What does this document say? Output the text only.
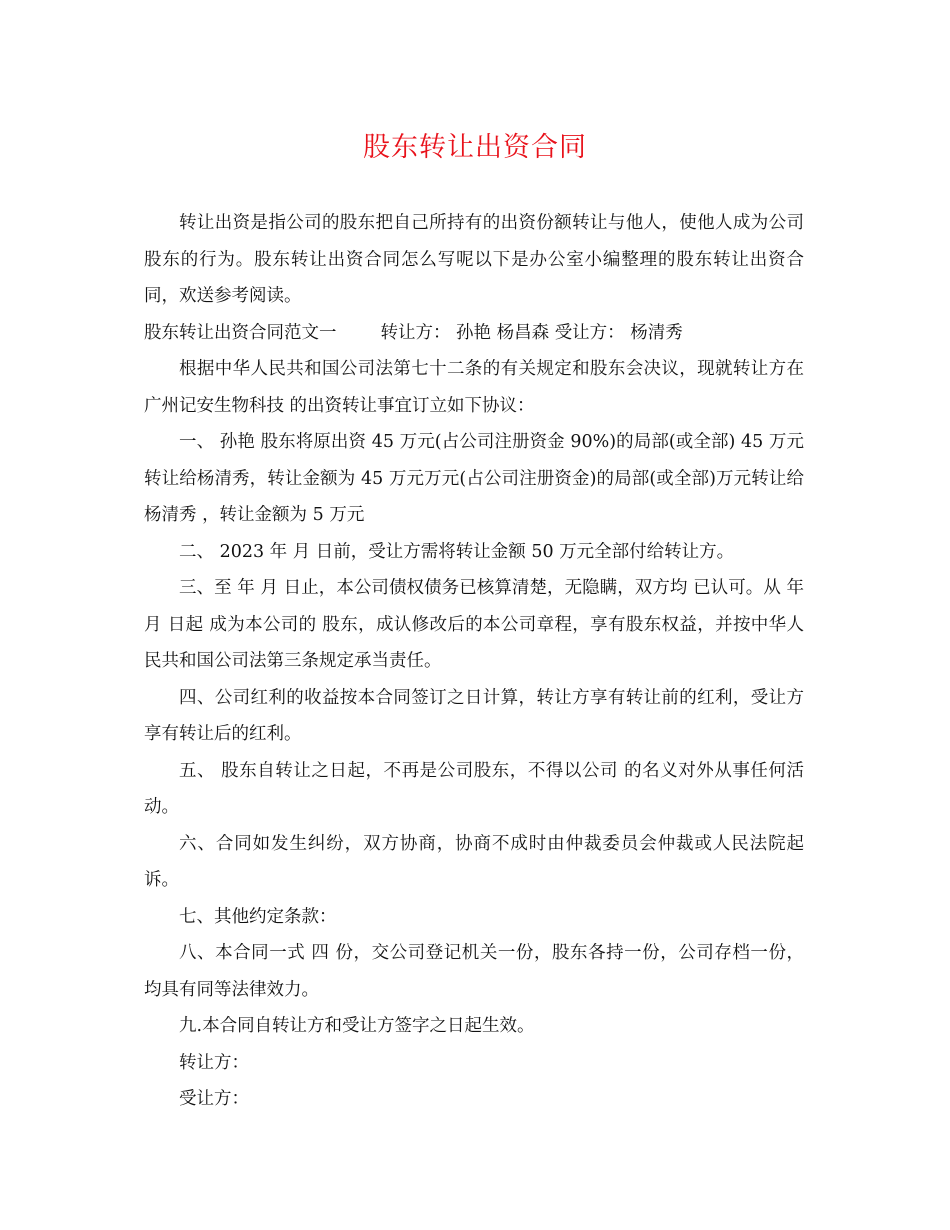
股东转让出资合同

转让出资是指公司的股东把自己所持有的出资份额转让与他人，使他人成为公司股东的行为。股东转让出资合同怎么写呢以下是办公室小编整理的股东转让出资合同，欢送参考阅读。

股东转让出资合同范文一	转让方： 孙艳 杨昌森 受让方： 杨清秀

根据中华人民共和国公司法第七十二条的有关规定和股东会决议，现就转让方在 广州记安生物科技 的出资转让事宜订立如下协议：

一、 孙艳 股东将原出资 45 万元(占公司注册资金 90%)的局部(或全部) 45 万元转让给杨清秀，转让金额为 45 万元万元(占公司注册资金)的局部(或全部)万元转让给 杨清秀 ，转让金额为 5 万元

二、 2023 年 月 日前，受让方需将转让金额 50 万元全部付给转让方。

三、至 年 月 日止，本公司债权债务已核算清楚，无隐瞒，双方均 已认可。从 年 月 日起 成为本公司的 股东，成认修改后的本公司章程，享有股东权益，并按中华人民共和国公司法第三条规定承当责任。

四、公司红利的收益按本合同签订之日计算，转让方享有转让前的红利，受让方 享有转让后的红利。

五、 股东自转让之日起，不再是公司股东，不得以公司 的名义对外从事任何活动。

六、合同如发生纠纷，双方协商，协商不成时由仲裁委员会仲裁或人民法院起诉。

七、其他约定条款：

八、本合同一式 四 份，交公司登记机关一份，股东各持一份，公司存档一份， 均具有同等法律效力。

九.本合同自转让方和受让方签字之日起生效。

转让方：

受让方：
